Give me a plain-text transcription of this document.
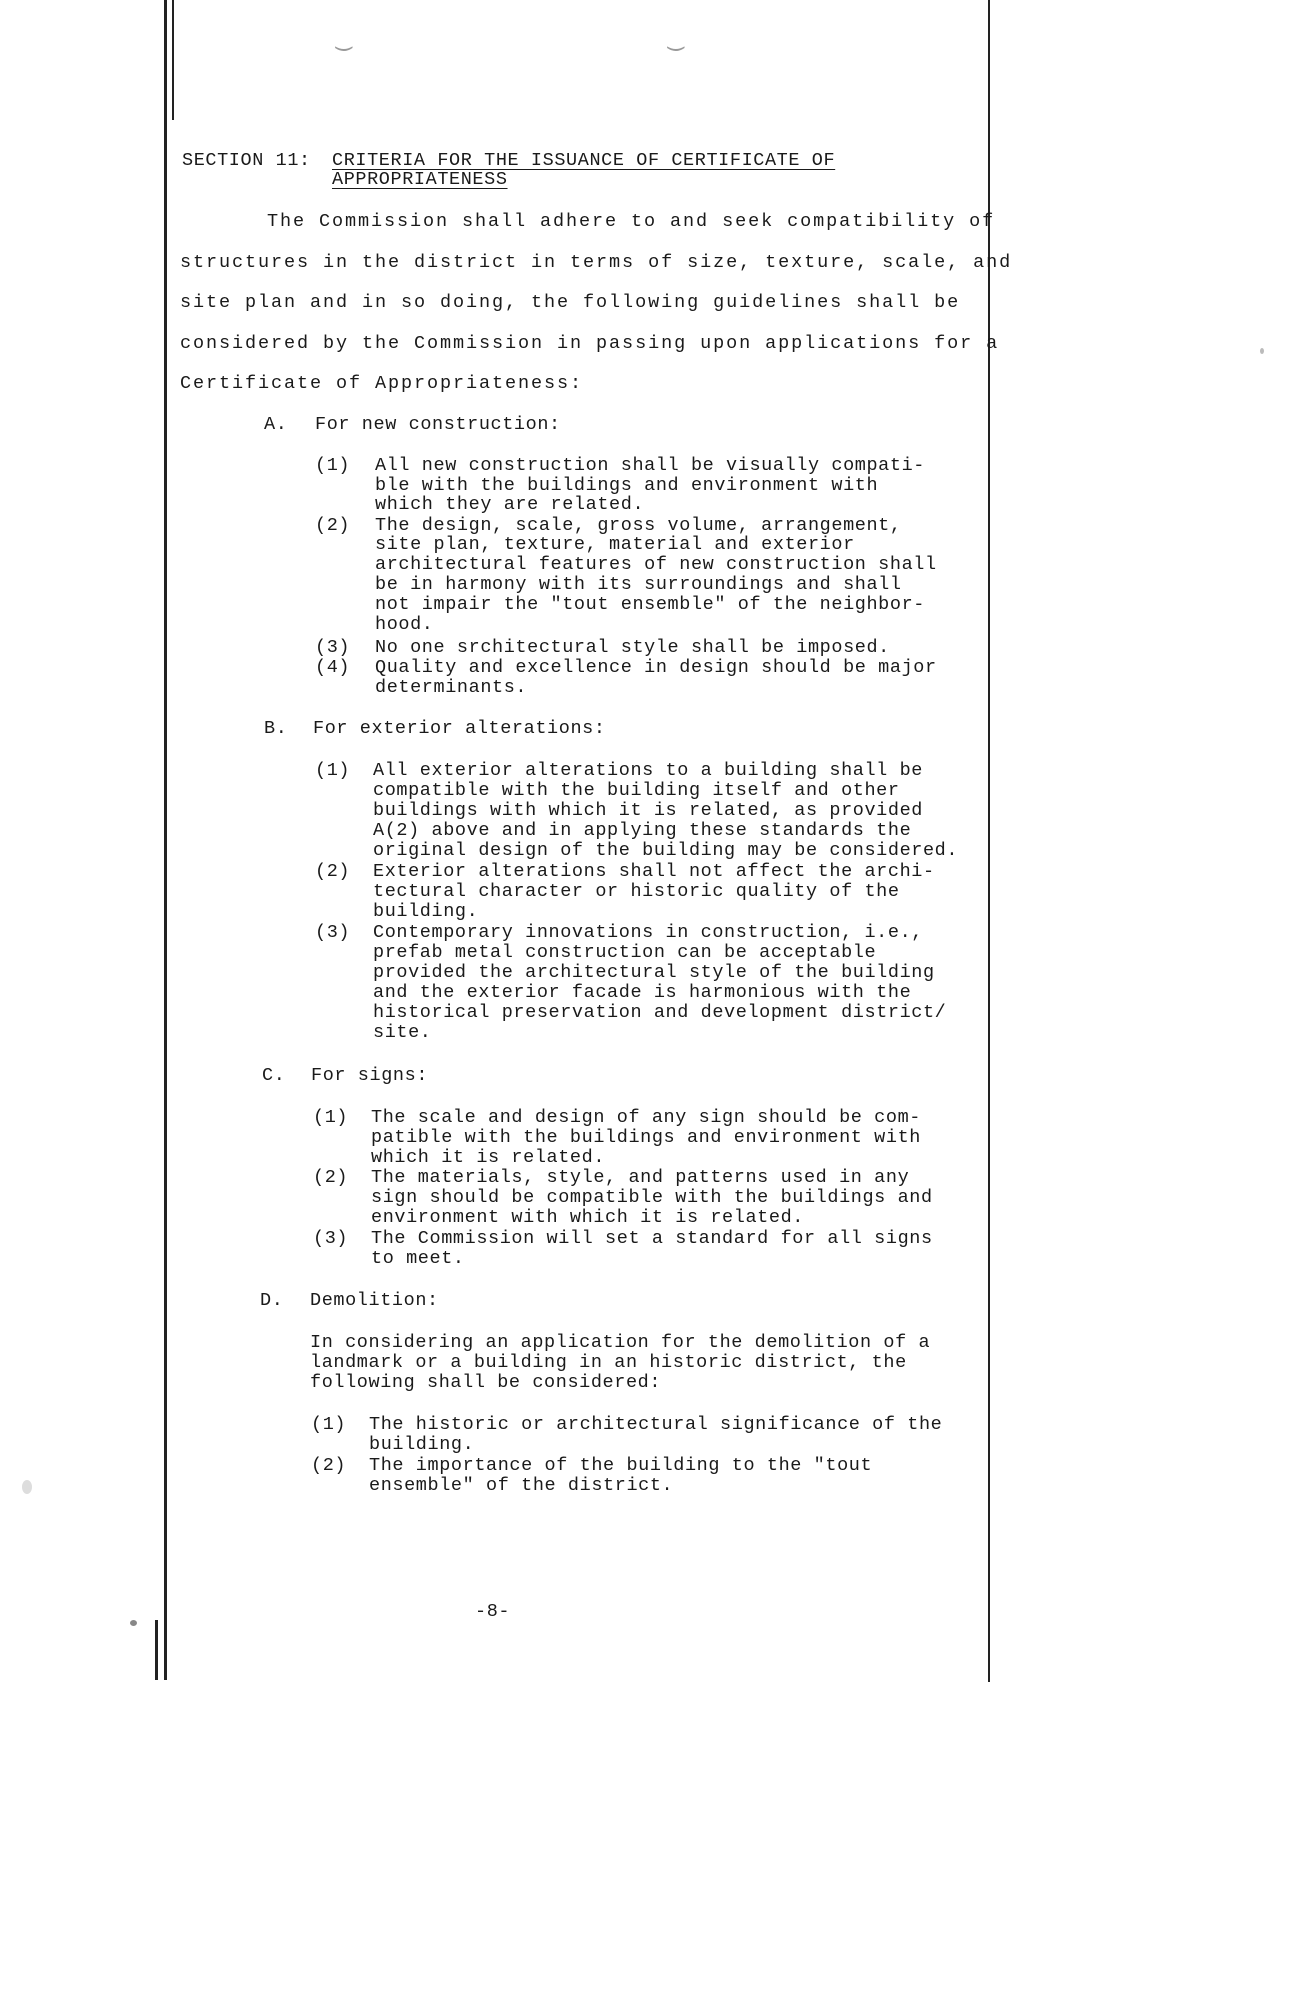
‿	‿
SECTION 11: CRITERIA FOR THE ISSUANCE OF CERTIFICATE OF
APPROPRIATENESS
The Commission shall adhere to and seek compatibility of
structures in the district in terms of size, texture, scale, and
site plan and in so doing, the following guidelines shall be
considered by the Commission in passing upon applications for a
Certificate of Appropriateness:
A. For new construction:
(1) All new construction shall be visually compati-
ble with the buildings and environment with
which they are related.
(2) The design, scale, gross volume, arrangement,
site plan, texture, material and exterior
architectural features of new construction shall
be in harmony with its surroundings and shall
not impair the "tout ensemble" of the neighbor-
hood.
(3) No one srchitectural style shall be imposed.
(4) Quality and excellence in design should be major
determinants.
B. For exterior alterations:
(1) All exterior alterations to a building shall be
compatible with the building itself and other
buildings with which it is related, as provided
A(2) above and in applying these standards the
original design of the building may be considered.
(2) Exterior alterations shall not affect the archi-
tectural character or historic quality of the
building.
(3) Contemporary innovations in construction, i.e.,
prefab metal construction can be acceptable
provided the architectural style of the building
and the exterior facade is harmonious with the
historical preservation and development district/
site.
C. For signs:
(1) The scale and design of any sign should be com-
patible with the buildings and environment with
which it is related.
(2) The materials, style, and patterns used in any
sign should be compatible with the buildings and
environment with which it is related.
(3) The Commission will set a standard for all signs
to meet.
D. Demolition:
In considering an application for the demolition of a
landmark or a building in an historic district, the
following shall be considered:
(1) The historic or architectural significance of the
building.
(2) The importance of the building to the "tout
ensemble" of the district.
-8-
